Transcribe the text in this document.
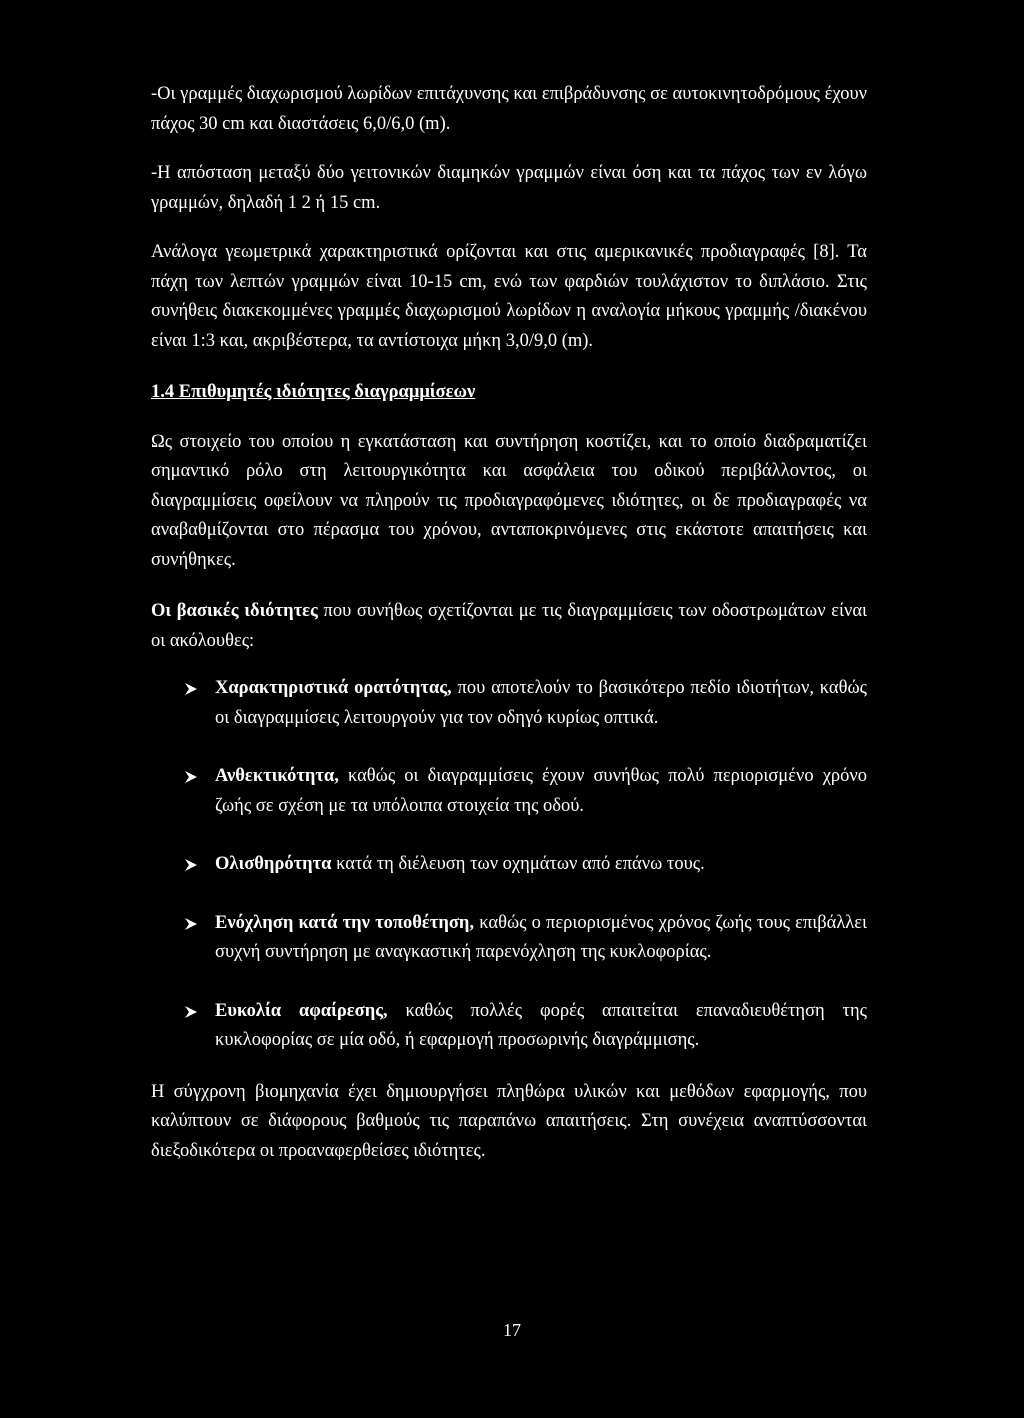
-Οι γραμμές διαχωρισμού λωρίδων επιτάχυνσης και επιβράδυνσης σε αυτοκινητοδρόμους έχουν πάχος 30 cm και διαστάσεις 6,0/6,0 (m).

-Η απόσταση μεταξύ δύο γειτονικών διαμηκών γραμμών είναι όση και τα πάχος των εν λόγω γραμμών, δηλαδή 1 2 ή 15 cm.

Ανάλογα γεωμετρικά χαρακτηριστικά ορίζονται και στις αμερικανικές προδιαγραφές [8]. Τα πάχη των λεπτών γραμμών είναι 10-15 cm, ενώ των φαρδιών τουλάχιστον το διπλάσιο. Στις συνήθεις διακεκομμένες γραμμές διαχωρισμού λωρίδων η αναλογία μήκους γραμμής /διακένου είναι 1:3 και, ακριβέστερα, τα αντίστοιχα μήκη 3,0/9,0 (m).

1.4 Επιθυμητές ιδιότητες διαγραμμίσεων

Ως στοιχείο του οποίου η εγκατάσταση και συντήρηση κοστίζει, και το οποίο διαδραματίζει σημαντικό ρόλο στη λειτουργικότητα και ασφάλεια του οδικού περιβάλλοντος, οι διαγραμμίσεις οφείλουν να πληρούν τις προδιαγραφόμενες ιδιότητες, οι δε προδιαγραφές να αναβαθμίζονται στο πέρασμα του χρόνου, ανταποκρινόμενες στις εκάστοτε απαιτήσεις και συνήθηκες.

Οι βασικές ιδιότητες που συνήθως σχετίζονται με τις διαγραμμίσεις των οδοστρωμάτων είναι οι ακόλουθες:

Χαρακτηριστικά ορατότητας, που αποτελούν το βασικότερο πεδίο ιδιοτήτων, καθώς οι διαγραμμίσεις λειτουργούν για τον οδηγό κυρίως οπτικά.
Ανθεκτικότητα, καθώς οι διαγραμμίσεις έχουν συνήθως πολύ περιορισμένο χρόνο ζωής σε σχέση με τα υπόλοιπα στοιχεία της οδού.
Ολισθηρότητα κατά τη διέλευση των οχημάτων από επάνω τους.
Ενόχληση κατά την τοποθέτηση, καθώς ο περιορισμένος χρόνος ζωής τους επιβάλλει συχνή συντήρηση με αναγκαστική παρενόχληση της κυκλοφορίας.
Ευκολία αφαίρεσης, καθώς πολλές φορές απαιτείται επαναδιευθέτηση της κυκλοφορίας σε μία οδό, ή εφαρμογή προσωρινής διαγράμμισης.

Η σύγχρονη βιομηχανία έχει δημιουργήσει πληθώρα υλικών και μεθόδων εφαρμογής, που καλύπτουν σε διάφορους βαθμούς τις παραπάνω απαιτήσεις. Στη συνέχεια αναπτύσσονται διεξοδικότερα οι προαναφερθείσες ιδιότητες.

17
